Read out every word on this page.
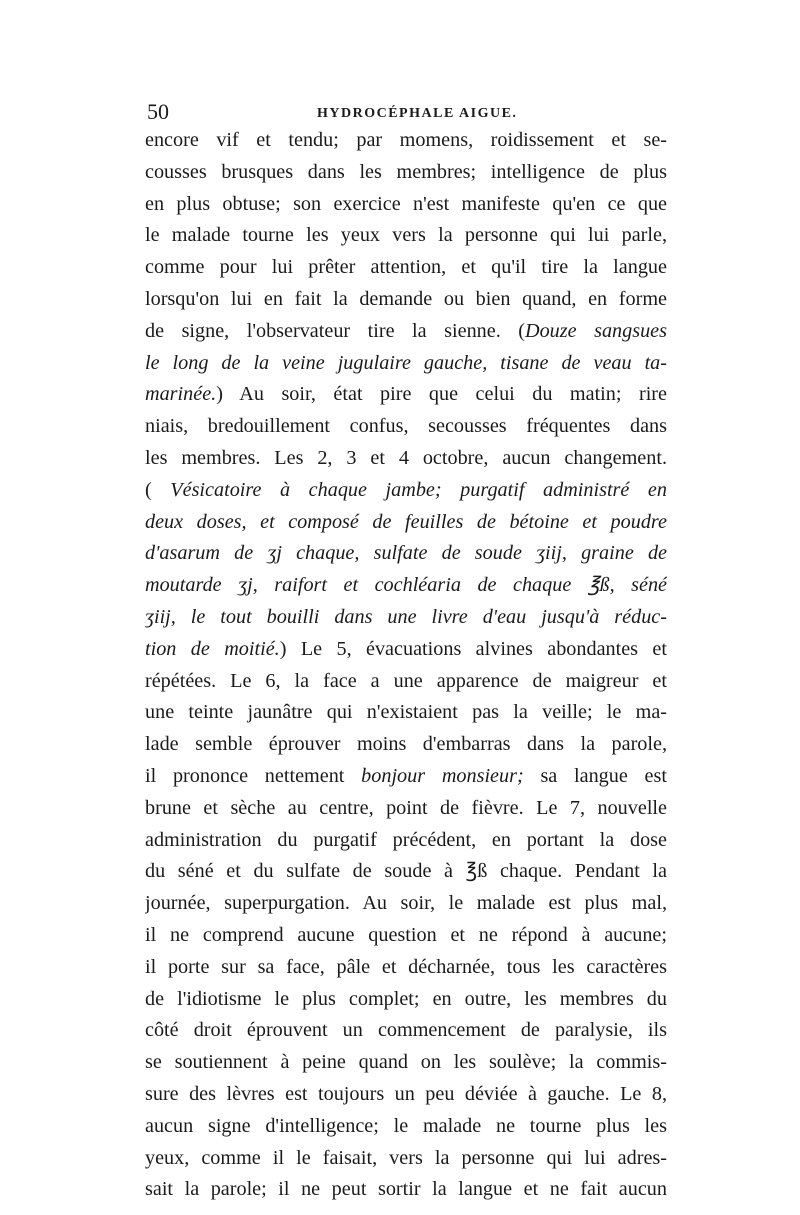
50	HYDROCÉPHALE AIGUE.
encore vif et tendu; par momens, roidissement et se-
cousses brusques dans les membres; intelligence de plus
en plus obtuse; son exercice n'est manifeste qu'en ce que
le malade tourne les yeux vers la personne qui lui parle,
comme pour lui prêter attention, et qu'il tire la langue
lorsqu'on lui en fait la demande ou bien quand, en forme
de signe, l'observateur tire la sienne. (Douze sangsues
le long de la veine jugulaire gauche, tisane de veau ta-
marinée.) Au soir, état pire que celui du matin; rire
niais, bredouillement confus, secousses fréquentes dans
les membres. Les 2, 3 et 4 octobre, aucun changement.
( Vésicatoire à chaque jambe; purgatif administré en
deux doses, et composé de feuilles de bétoine et poudre
d'asarum de ʒj chaque, sulfate de soude ʒiij, graine de
moutarde ʒj, raifort et cochléaria de chaque ℥ß, séné
ʒiij, le tout bouilli dans une livre d'eau jusqu'à réduc-
tion de moitié.) Le 5, évacuations alvines abondantes et
répétées. Le 6, la face a une apparence de maigreur et
une teinte jaunâtre qui n'existaient pas la veille; le ma-
lade semble éprouver moins d'embarras dans la parole,
il prononce nettement bonjour monsieur; sa langue est
brune et sèche au centre, point de fièvre. Le 7, nouvelle
administration du purgatif précédent, en portant la dose
du séné et du sulfate de soude à ℥ß chaque. Pendant la
journée, superpurgation. Au soir, le malade est plus mal,
il ne comprend aucune question et ne répond à aucune;
il porte sur sa face, pâle et décharnée, tous les caractères
de l'idiotisme le plus complet; en outre, les membres du
côté droit éprouvent un commencement de paralysie, ils
se soutiennent à peine quand on les soulève; la commis-
sure des lèvres est toujours un peu déviée à gauche. Le 8,
aucun signe d'intelligence; le malade ne tourne plus les
yeux, comme il le faisait, vers la personne qui lui adres-
sait la parole; il ne peut sortir la langue et ne fait aucun
